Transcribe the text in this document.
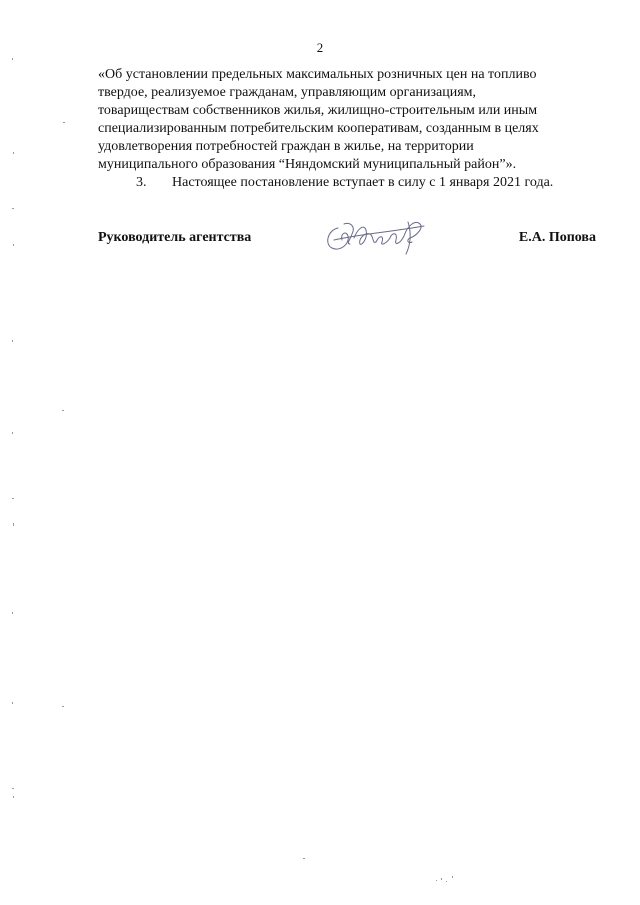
2

«Об установлении предельных максимальных розничных цен на топливо

твердое, реализуемое гражданам, управляющим организациям,

товариществам собственников жилья, жилищно-строительным или иным

специализированным потребительским кооперативам, созданным в целях

удовлетворения потребностей граждан в жилье, на территории

муниципального образования “Няндомский муниципальный район”».

3.	Настоящее постановление вступает в силу с 1 января 2021 года.
Руководитель агентства	Е.А. Попова
